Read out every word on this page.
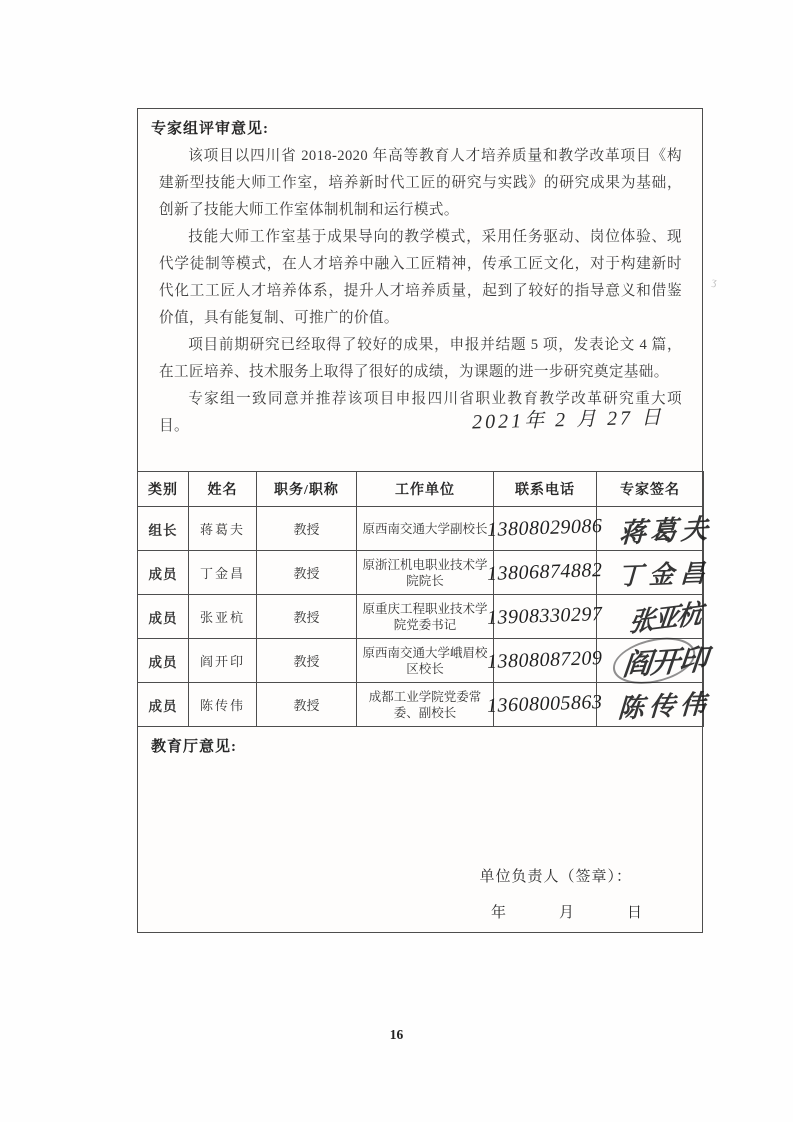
专家组评审意见:

该项目以四川省 2018-2020 年高等教育人才培养质量和教学改革项目《构建新型技能大师工作室，培养新时代工匠的研究与实践》的研究成果为基础，创新了技能大师工作室体制机制和运行模式。

技能大师工作室基于成果导向的教学模式，采用任务驱动、岗位体验、现代学徒制等模式，在人才培养中融入工匠精神，传承工匠文化，对于构建新时代化工工匠人才培养体系，提升人才培养质量，起到了较好的指导意义和借鉴价值，具有能复制、可推广的价值。

项目前期研究已经取得了较好的成果，申报并结题 5 项，发表论文 4 篇，在工匠培养、技术服务上取得了很好的成绩，为课题的进一步研究奠定基础。

专家组一致同意并推荐该项目申报四川省职业教育教学改革研究重大项目。	2021年 2 月 27 日
类别	姓名	职务/职称	工作单位	联系电话	专家签名
组长	蒋葛夫	教授	原西南交通大学副校长	13808029086	蒋葛夫
成员	丁金昌	教授	原浙江机电职业技术学院院长	13806874882	丁金昌
成员	张亚杭	教授	原重庆工程职业技术学院党委书记	13908330297	张亚杭
成员	阎开印	教授	原西南交通大学峨眉校区校长	13808087209	阎开印
成员	陈传伟	教授	成都工业学院党委常委、副校长	13608005863	陈传伟
教育厅意见:
单位负责人（签章）：
年　　　月　　　日
16
ʒ
